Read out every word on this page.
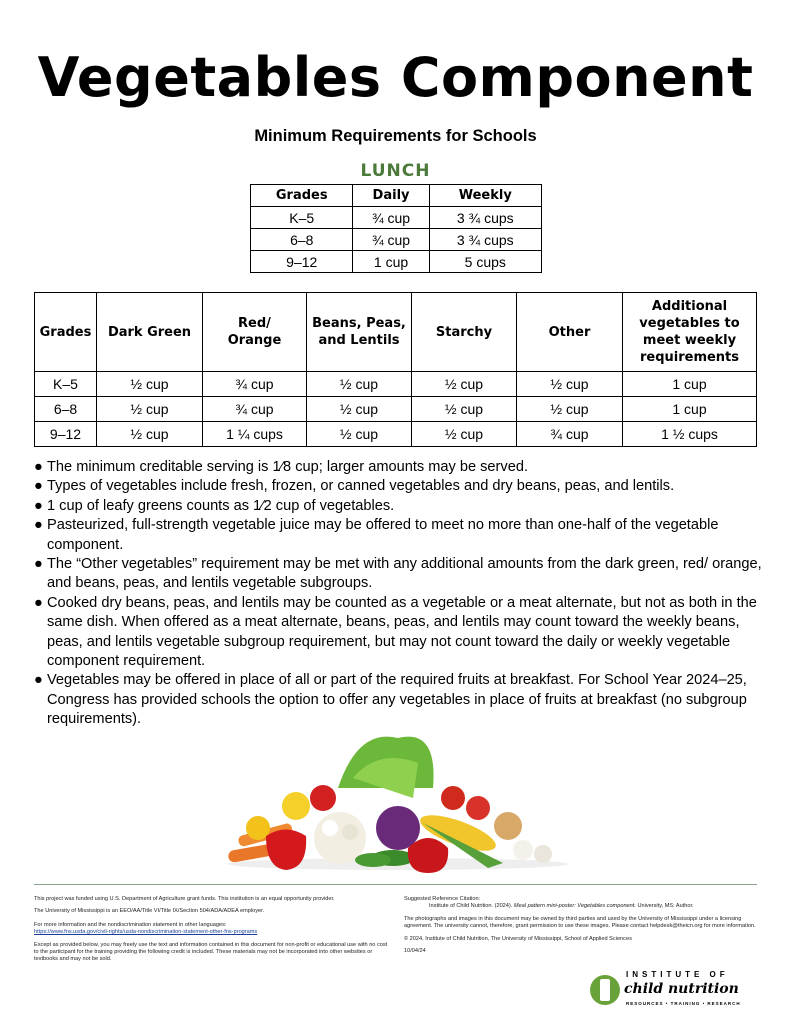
Vegetables Component
Minimum Requirements for Schools
LUNCH
Grades	Daily	Weekly
K–5	¾ cup	3 ¾ cups
6–8	¾ cup	3 ¾ cups
9–12	1 cup	5 cups
Grades	Dark Green	Red/ Orange	Beans, Peas, and Lentils	Starchy	Other	Additional vegetables to meet weekly requirements
K–5	½ cup	¾ cup	½ cup	½ cup	½ cup	1 cup
6–8	½ cup	¾ cup	½ cup	½ cup	½ cup	1 cup
9–12	½ cup	1 ¼ cups	½ cup	½ cup	¾ cup	1 ½ cups
● The minimum creditable serving is 1⁄8 cup; larger amounts may be served.
● Types of vegetables include fresh, frozen, or canned vegetables and dry beans, peas, and lentils.
● 1 cup of leafy greens counts as 1⁄2 cup of vegetables.
● Pasteurized, full-strength vegetable juice may be offered to meet no more than one-half of the vegetable component.
● The “Other vegetables” requirement may be met with any additional amounts from the dark green, red/ orange, and beans, peas, and lentils vegetable subgroups.
● Cooked dry beans, peas, and lentils may be counted as a vegetable or a meat alternate, but not as both in the same dish. When offered as a meat alternate, beans, peas, and lentils may count toward the weekly beans, peas, and lentils vegetable subgroup requirement, but may not count toward the daily or weekly vegetable component requirement.
● Vegetables may be offered in place of all or part of the required fruits at breakfast. For School Year 2024–25, Congress has provided schools the option to offer any vegetables in place of fruits at breakfast (no subgroup requirements).

This project was funded using U.S. Department of Agriculture grant funds. This institution is an equal opportunity provider.

The University of Mississippi is an EEO/AA/Title VI/Title IX/Section 504/ADA/ADEA employer.

For more information and the nondiscrimination statement in other languages:
https://www.fns.usda.gov/civil-rights/usda-nondiscrimination-statement-other-fns-programs

Except as provided below, you may freely use the text and information contained in this document for non-profit or educational use with no cost to the participant for the training providing the following credit is included. These materials may not be incorporated into other websites or textbooks and may not be sold.

Suggested Reference Citation:
Institute of Child Nutrition. (2024). Meal pattern mini-poster: Vegetables component. University, MS: Author.

The photographs and images in this document may be owned by third parties and used by the University of Mississippi under a licensing agreement. The university cannot, therefore, grant permission to use these images. Please contact helpdesk@theicn.org for more information.

© 2024, Institute of Child Nutrition, The University of Mississippi, School of Applied Sciences

10/04/24

INSTITUTE OF
child nutrition
RESOURCES • TRAINING • RESEARCH
